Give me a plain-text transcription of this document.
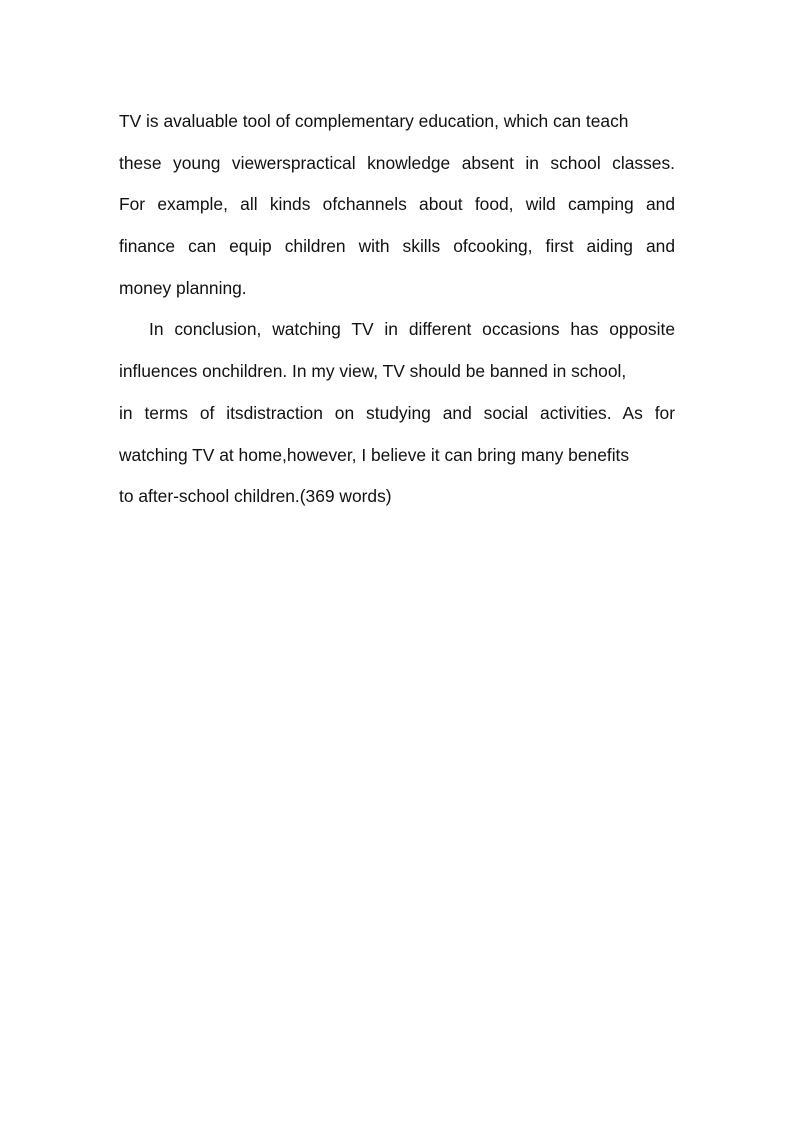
TV is avaluable tool of complementary education, which can teach
these young viewerspractical knowledge absent in school classes.
For example, all kinds ofchannels about food, wild camping and
finance can equip children with skills ofcooking, first aiding and
money planning.
In conclusion, watching TV in different occasions has opposite
influences onchildren. In my view, TV should be banned in school,
in terms of itsdistraction on studying and social activities. As for
watching TV at home,however, I believe it can bring many benefits
to after-school children.(369 words)
